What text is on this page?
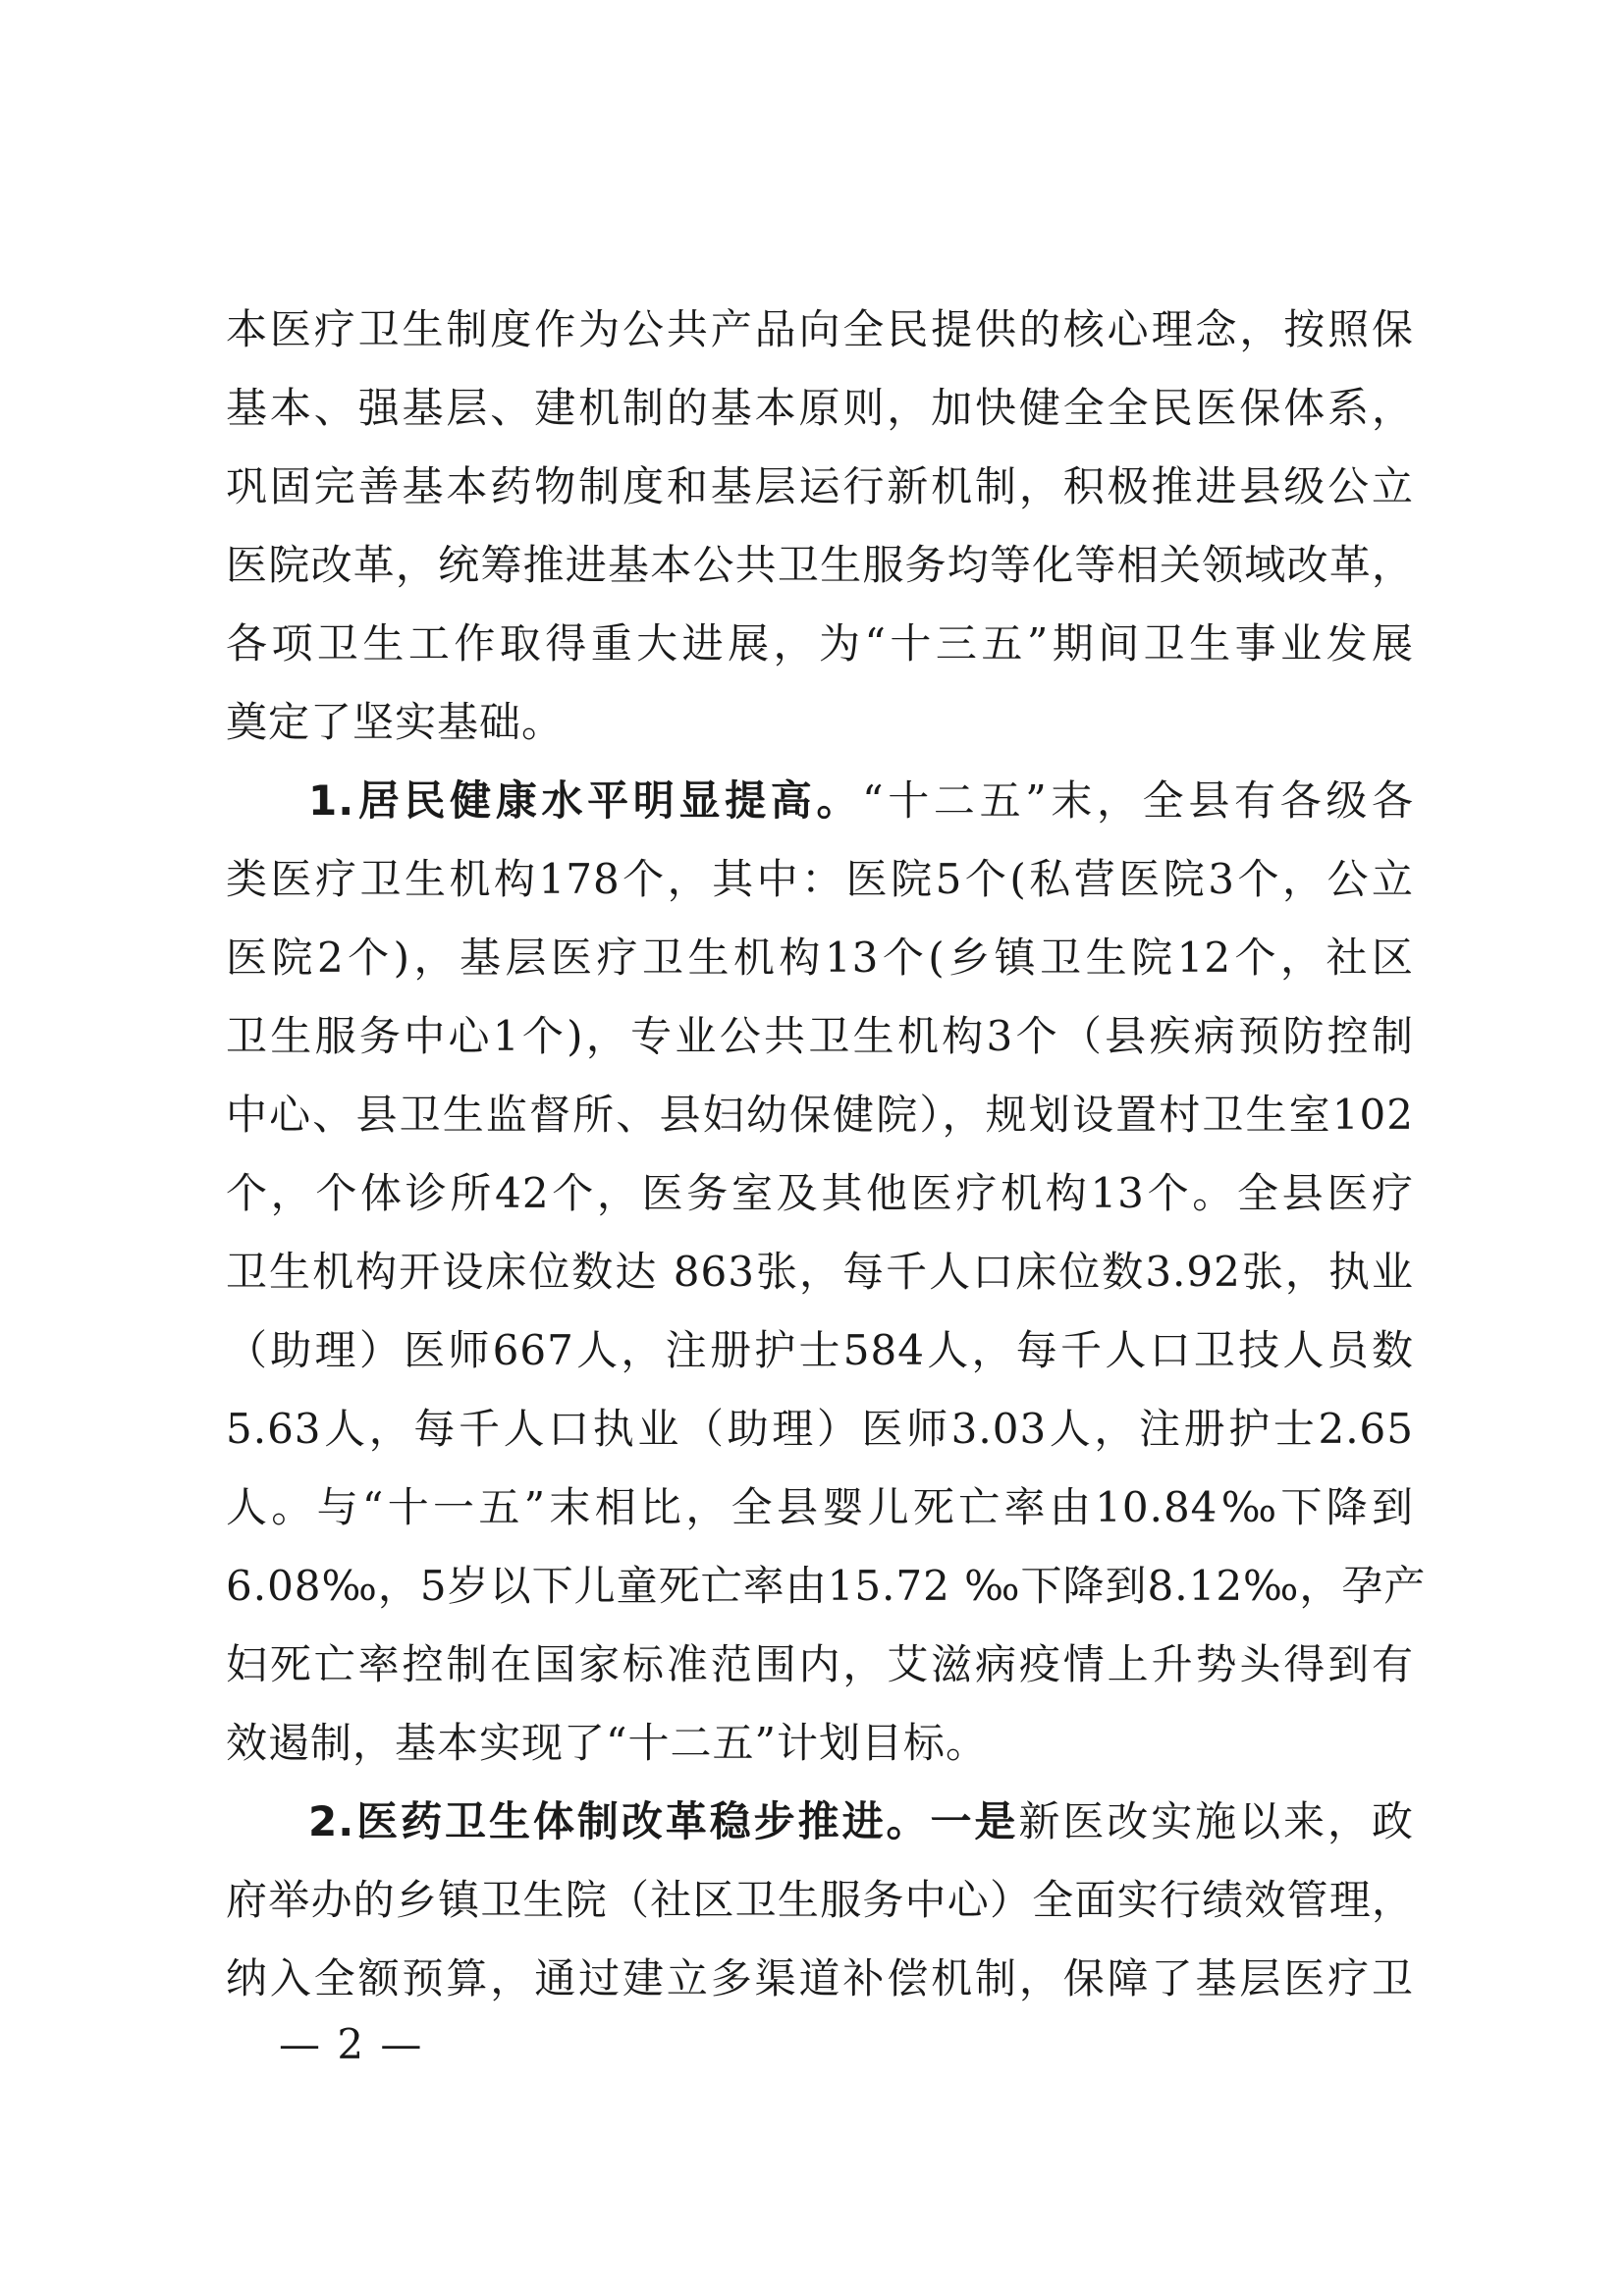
本医疗卫生制度作为公共产品向全民提供的核心理念，按照保
基本、强基层、建机制的基本原则，加快健全全民医保体系，
巩固完善基本药物制度和基层运行新机制，积极推进县级公立
医院改革，统筹推进基本公共卫生服务均等化等相关领域改革，
各项卫生工作取得重大进展，为“十三五”期间卫生事业发展
奠定了坚实基础。
1.居民健康水平明显提高。“十二五”末，全县有各级各
类医疗卫生机构178个，其中：医院5个(私营医院3个，公立
医院2个)，基层医疗卫生机构13个(乡镇卫生院12个，社区
卫生服务中心1个)，专业公共卫生机构3个（县疾病预防控制
中心、县卫生监督所、县妇幼保健院），规划设置村卫生室102
个，个体诊所42个，医务室及其他医疗机构13个。全县医疗
卫生机构开设床位数达 863张，每千人口床位数3.92张，执业
（助理）医师667人，注册护士584人，每千人口卫技人员数
5.63人，每千人口执业（助理）医师3.03人，注册护士2.65
人。与“十一五”末相比，全县婴儿死亡率由10.84‰下降到
6.08‰，5岁以下儿童死亡率由15.72 ‰下降到8.12‰，孕产
妇死亡率控制在国家标准范围内，艾滋病疫情上升势头得到有
效遏制，基本实现了“十二五”计划目标。
2.医药卫生体制改革稳步推进。一是新医改实施以来，政
府举办的乡镇卫生院（社区卫生服务中心）全面实行绩效管理，
纳入全额预算，通过建立多渠道补偿机制，保障了基层医疗卫
— 2 —
